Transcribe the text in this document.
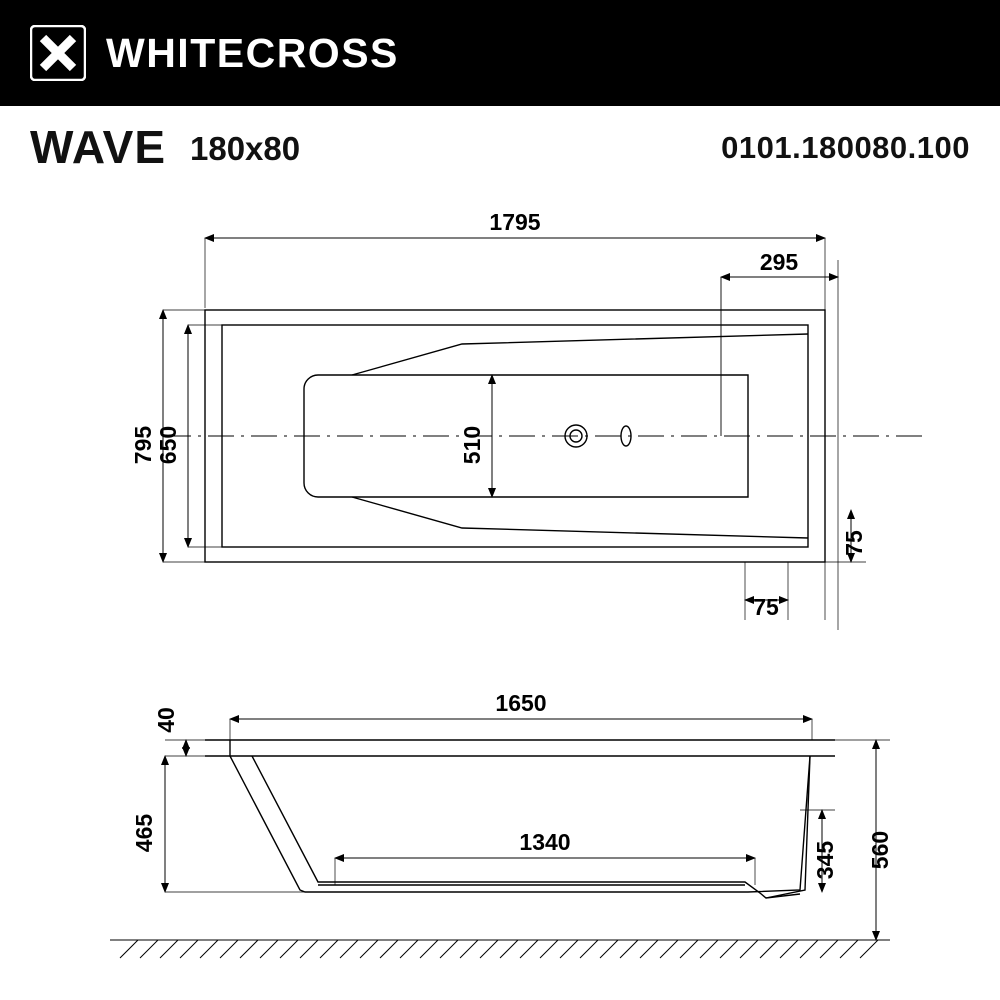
WHITECROSS
WAVE 180x80	0101.180080.100
1795
295
795 650	510
75
75
40
1650
465	1340	345 560
